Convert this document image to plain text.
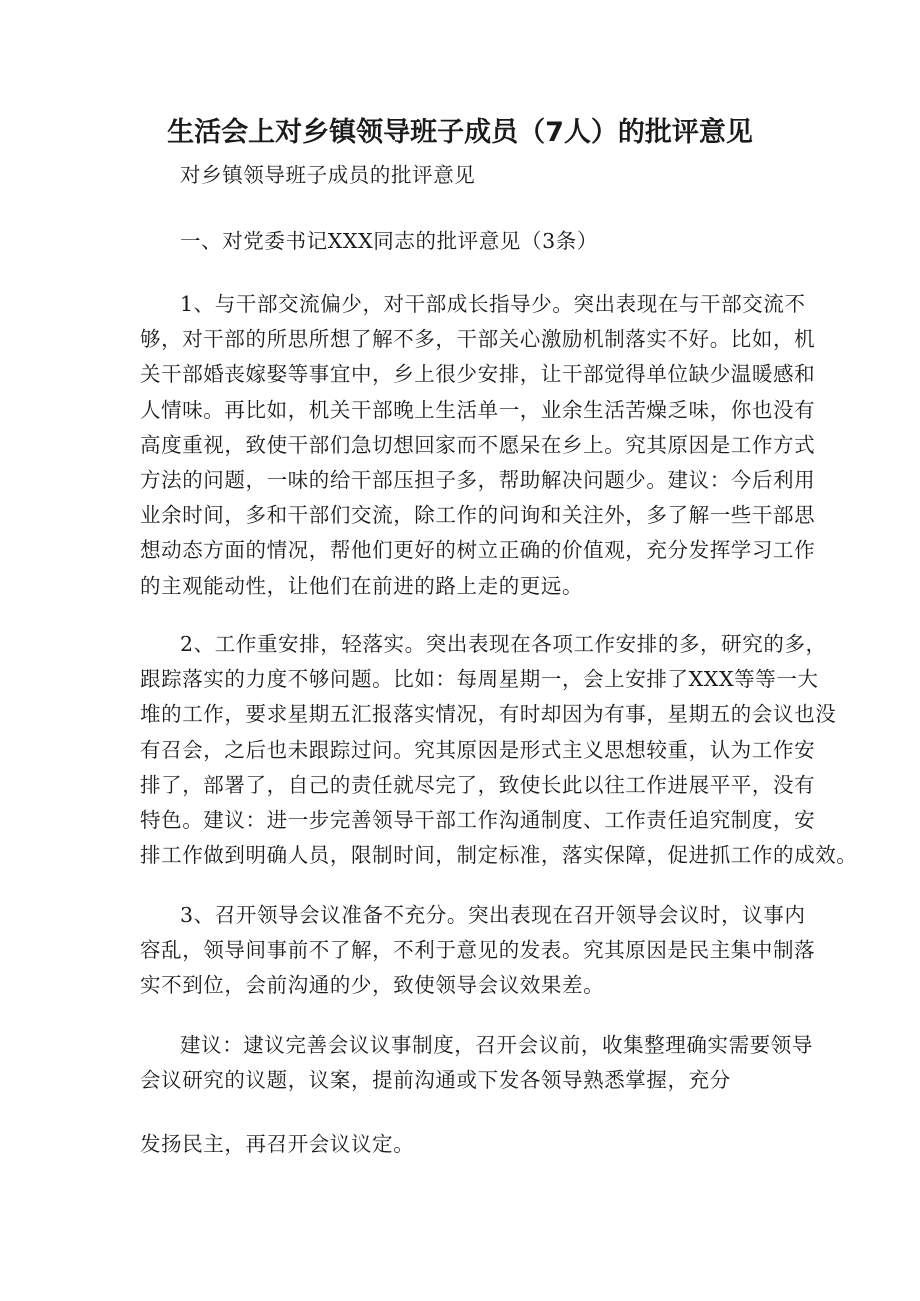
生活会上对乡镇领导班子成员（7人）的批评意见
对乡镇领导班子成员的批评意见
一、对党委书记XXX同志的批评意见（3条）
1、与干部交流偏少，对干部成长指导少。突出表现在与干部交流不
够，对干部的所思所想了解不多，干部关心激励机制落实不好。比如，机
关干部婚丧嫁娶等事宜中，乡上很少安排，让干部觉得单位缺少温暖感和
人情味。再比如，机关干部晚上生活单一，业余生活苦燥乏味，你也没有
高度重视，致使干部们急切想回家而不愿呆在乡上。究其原因是工作方式
方法的问题，一味的给干部压担子多，帮助解决问题少。建议：今后利用
业余时间，多和干部们交流，除工作的问询和关注外，多了解一些干部思
想动态方面的情况，帮他们更好的树立正确的价值观，充分发挥学习工作
的主观能动性，让他们在前进的路上走的更远。
2、工作重安排，轻落实。突出表现在各项工作安排的多，研究的多，
跟踪落实的力度不够问题。比如：每周星期一，会上安排了XXX等等一大
堆的工作，要求星期五汇报落实情况，有时却因为有事，星期五的会议也没
有召会，之后也未跟踪过问。究其原因是形式主义思想较重，认为工作安
排了，部署了，自己的责任就尽完了，致使长此以往工作进展平平，没有
特色。建议：进一步完善领导干部工作沟通制度、工作责任追究制度，安
排工作做到明确人员，限制时间，制定标准，落实保障，促进抓工作的成效。
3、召开领导会议准备不充分。突出表现在召开领导会议时，议事内
容乱，领导间事前不了解，不利于意见的发表。究其原因是民主集中制落
实不到位，会前沟通的少，致使领导会议效果差。
建议：逮议完善会议议事制度，召开会议前，收集整理确实需要领导
会议研究的议题，议案，提前沟通或下发各领导熟悉掌握，充分
发扬民主，再召开会议议定。
